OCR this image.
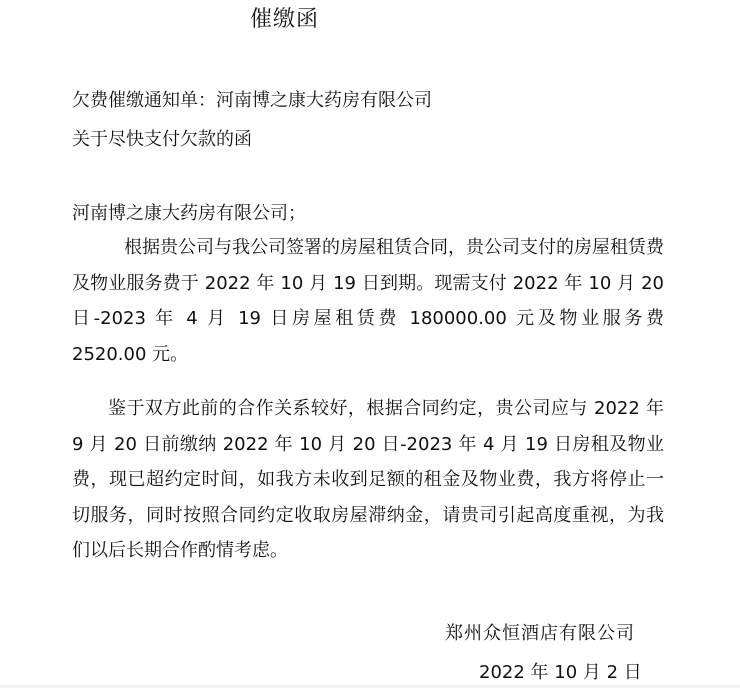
催缴函
欠费催缴通知单：河南博之康大药房有限公司
关于尽快支付欠款的函
河南博之康大药房有限公司；
根据贵公司与我公司签署的房屋租赁合同，贵公司支付的房屋租赁费及物业服务费于 2022 年 10 月 19 日到期。现需支付 2022 年 10 月 20 日-2023 年 4 月 19 日房屋租赁费 180000.00 元及物业服务费 2520.00 元。
鉴于双方此前的合作关系较好，根据合同约定，贵公司应与 2022 年 9 月 20 日前缴纳 2022 年 10 月 20 日-2023 年 4 月 19 日房租及物业费，现已超约定时间，如我方未收到足额的租金及物业费，我方将停止一切服务，同时按照合同约定收取房屋滞纳金，请贵司引起高度重视，为我们以后长期合作酌情考虑。
郑州众恒酒店有限公司
2022 年 10 月 2 日
